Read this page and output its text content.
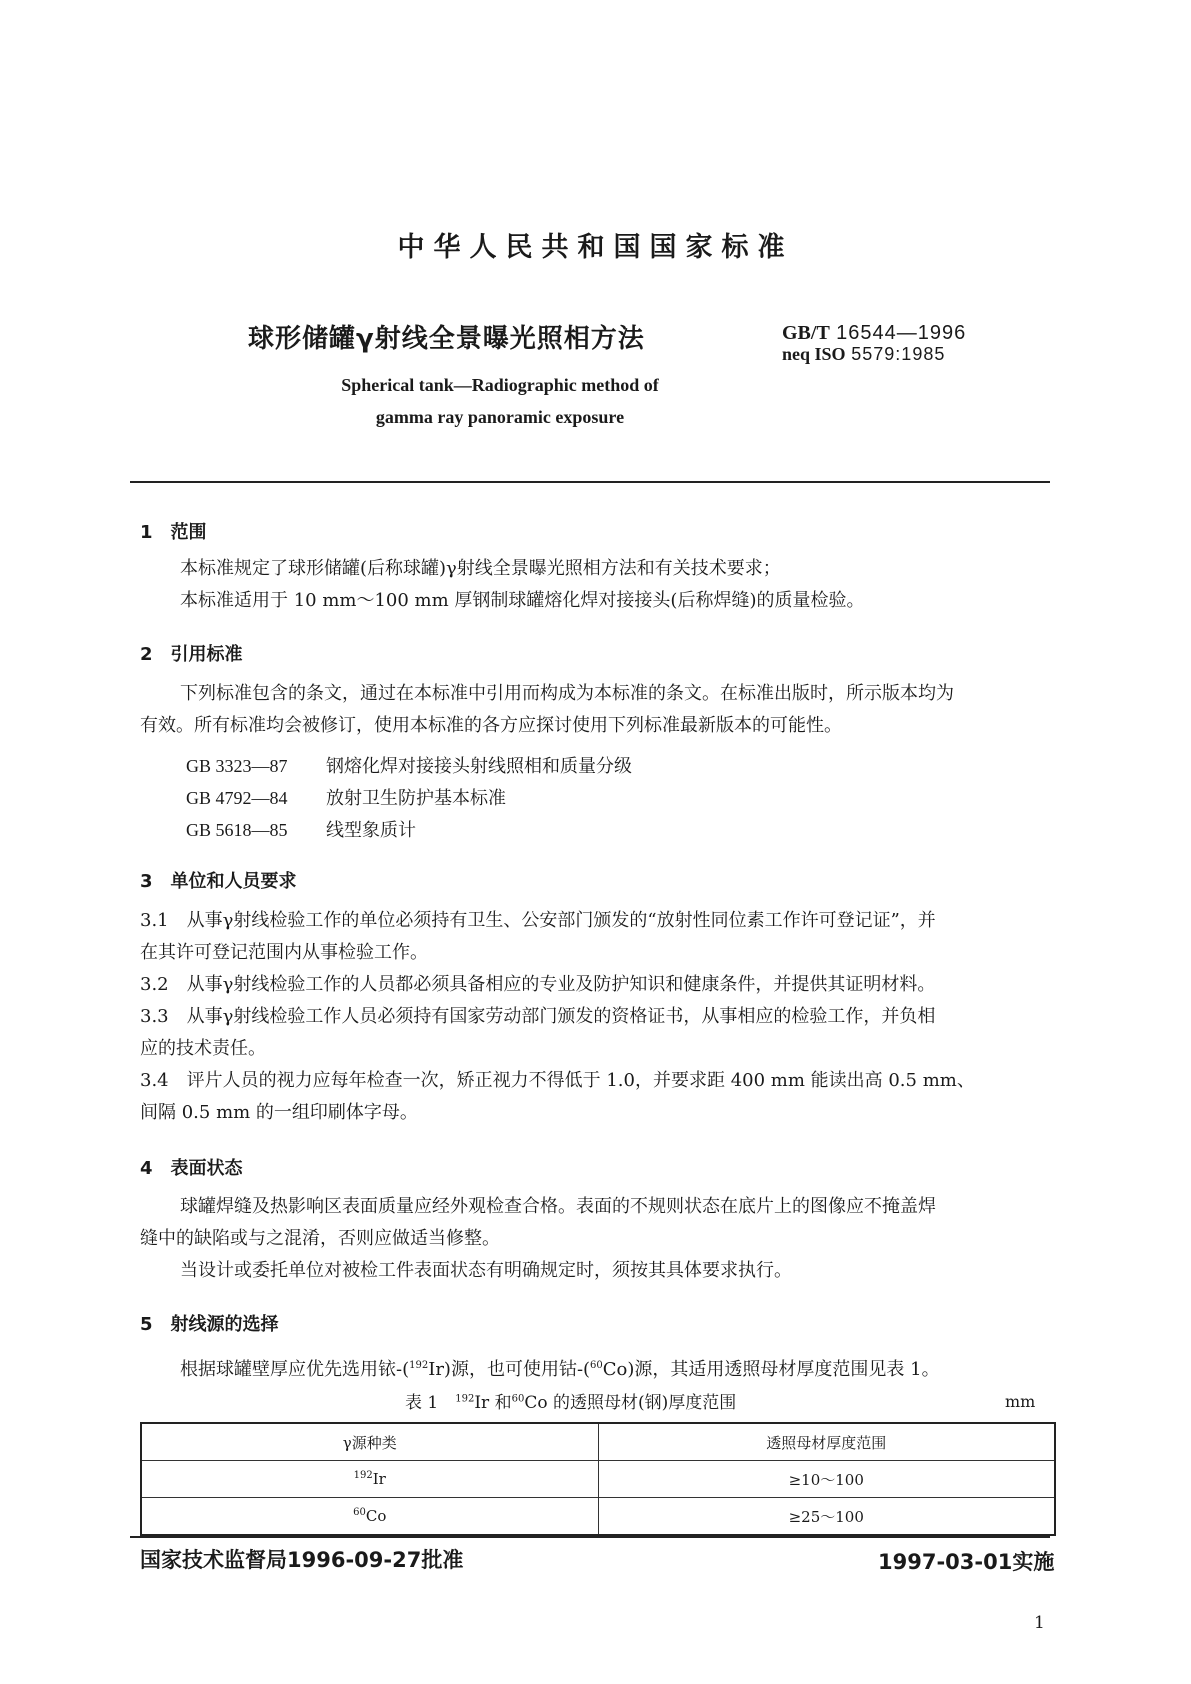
中华人民共和国国家标准
球形储罐γ射线全景曝光照相方法	GB/T 16544—1996
neq ISO 5579:1985
Spherical tank—Radiographic method of
gamma ray panoramic exposure
1　范围
本标准规定了球形储罐(后称球罐)γ射线全景曝光照相方法和有关技术要求；
本标准适用于 10 mm～100 mm 厚钢制球罐熔化焊对接接头(后称焊缝)的质量检验。
2　引用标准
下列标准包含的条文，通过在本标准中引用而构成为本标准的条文。在标准出版时，所示版本均为
有效。所有标准均会被修订，使用本标准的各方应探讨使用下列标准最新版本的可能性。
GB 3323—87 钢熔化焊对接接头射线照相和质量分级
GB 4792—84 放射卫生防护基本标准
GB 5618—85 线型象质计
3　单位和人员要求
3.1　从事γ射线检验工作的单位必须持有卫生、公安部门颁发的“放射性同位素工作许可登记证”，并
在其许可登记范围内从事检验工作。
3.2　从事γ射线检验工作的人员都必须具备相应的专业及防护知识和健康条件，并提供其证明材料。
3.3　从事γ射线检验工作人员必须持有国家劳动部门颁发的资格证书，从事相应的检验工作，并负相
应的技术责任。
3.4　评片人员的视力应每年检查一次，矫正视力不得低于 1.0，并要求距 400 mm 能读出高 0.5 mm、
间隔 0.5 mm 的一组印刷体字母。
4　表面状态
球罐焊缝及热影响区表面质量应经外观检查合格。表面的不规则状态在底片上的图像应不掩盖焊
缝中的缺陷或与之混淆，否则应做适当修整。
当设计或委托单位对被检工件表面状态有明确规定时，须按其具体要求执行。
5　射线源的选择
根据球罐壁厚应优先选用铱-($^{192}$Ir)源，也可使用钴-($^{60}$Co)源，其适用透照母材厚度范围见表 1。
表 1　$^{192}$Ir 和$^{60}$Co 的透照母材(钢)厚度范围	mm
γ源种类	透照母材厚度范围
$^{192}$Ir	≥10～100
$^{60}$Co	≥25～100
国家技术监督局1996-09-27批准	1997-03-01实施
1
